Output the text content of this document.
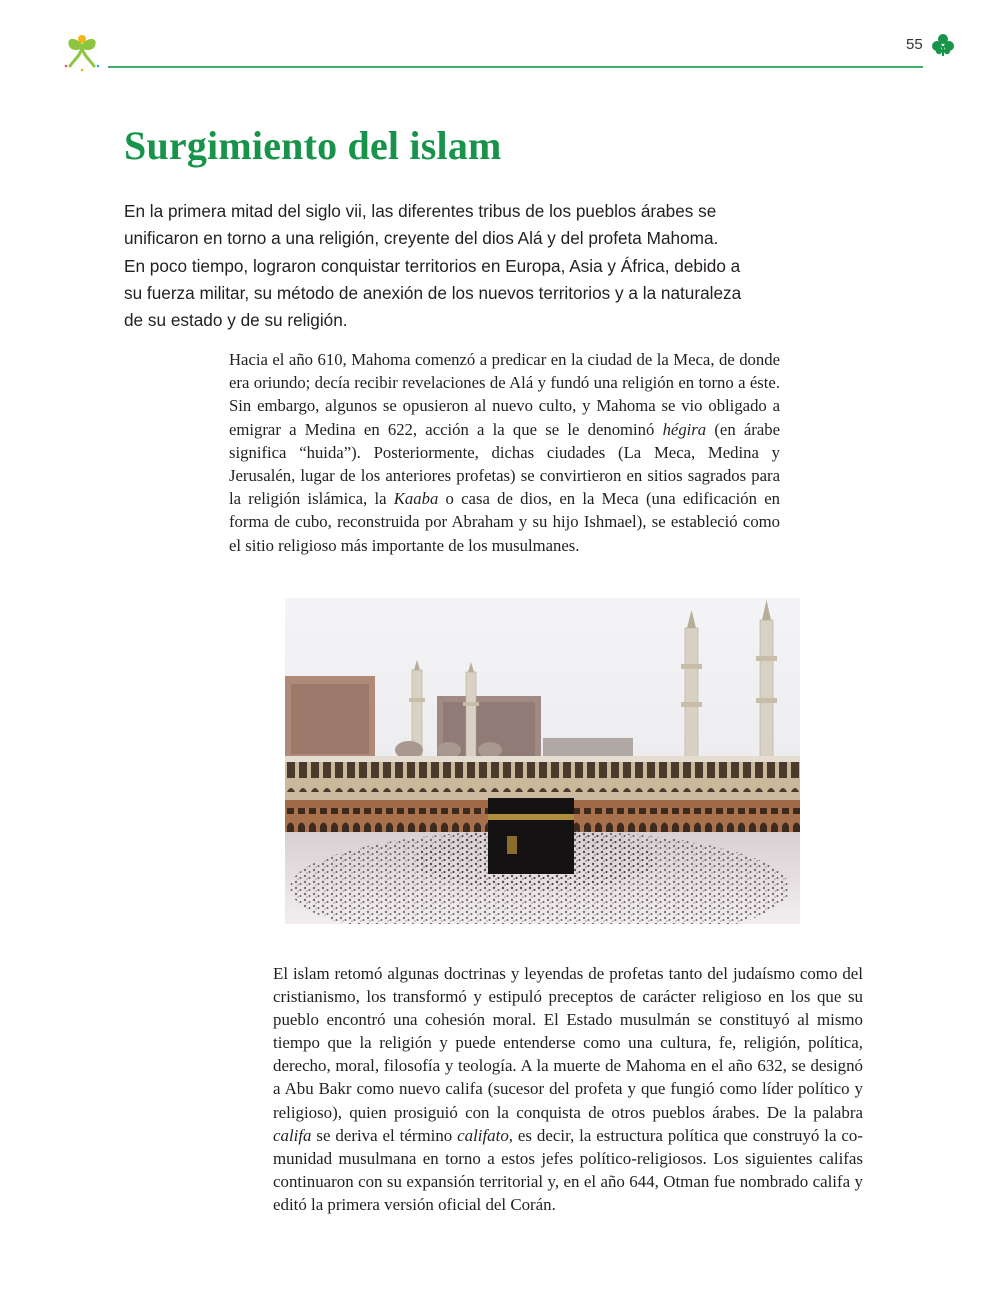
55
Surgimiento del islam

En la primera mitad del siglo vii, las diferentes tribus de los pueblos árabes se unificaron en torno a una religión, creyente del dios Alá y del profeta Mahoma. En poco tiempo, lograron conquistar territorios en Europa, Asia y África, debido a su fuerza militar, su método de anexión de los nuevos territorios y a la naturaleza de su estado y de su religión.

Hacia el año 610, Mahoma comenzó a predicar en la ciudad de la Meca, de donde era oriundo; decía recibir revelaciones de Alá y fundó una religión en torno a éste. Sin embargo, algunos se opusieron al nuevo culto, y Mahoma se vio obligado a emigrar a Medina en 622, acción a la que se le denominó hégira (en árabe significa “huida”). Posteriormente, dichas ciudades (La Meca, Medina y Jerusalén, lugar de los anteriores profetas) se convirtieron en sitios sagrados para la religión islámica, la Kaaba o casa de dios, en la Meca (una edificación en forma de cubo, reconstruida por Abraham y su hijo Ishmael), se estableció como el sitio religioso más importante de los musulmanes.

El islam retomó algunas doctrinas y leyendas de profetas tanto del judaísmo como del cristianismo, los transformó y estipuló preceptos de carácter religioso en los que su pueblo encontró una cohesión moral. El Estado musulmán se constituyó al mismo tiempo que la religión y puede entenderse como una cultura, fe, religión, política, derecho, moral, filosofía y teología. A la muerte de Mahoma en el año 632, se designó a Abu Bakr como nuevo califa (sucesor del profeta y que fungió como líder político y religioso), quien prosiguió con la conquista de otros pueblos árabes. De la palabra califa se deriva el término califato, es decir, la estructura política que construyó la comunidad musulmana en torno a estos jefes político-religiosos. Los siguientes califas continuaron con su expansión territorial y, en el año 644, Otman fue nombrado califa y editó la primera versión oficial del Corán.
